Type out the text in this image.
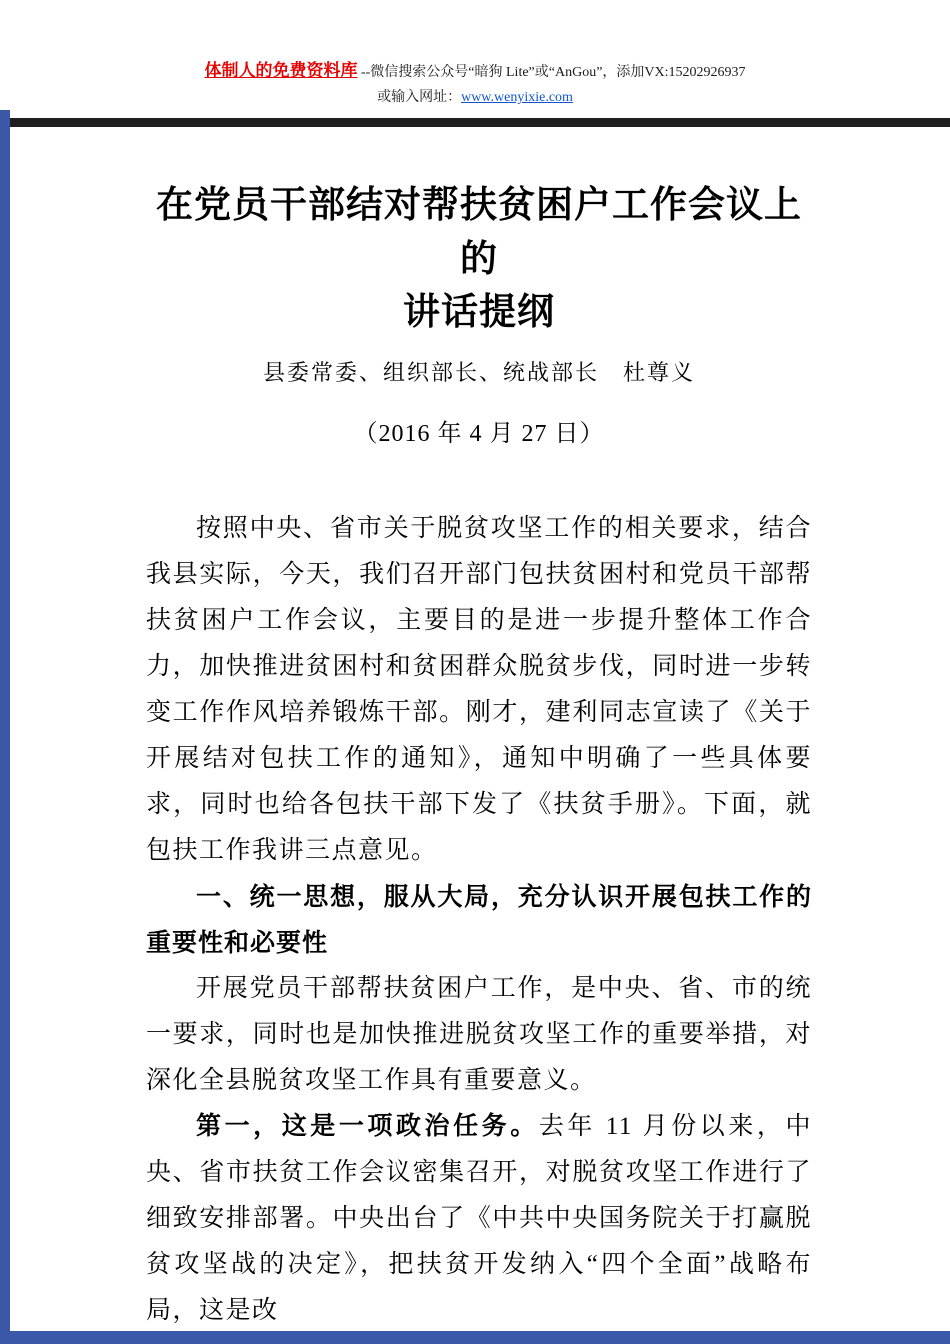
体制人的免费资料库 --微信搜索公众号“暗狗 Lite”或“AnGou”，添加VX:15202926937
或输入网址：www.wenyixie.com
在党员干部结对帮扶贫困户工作会议上的
讲话提纲
县委常委、组织部长、统战部长　杜尊义
（2016 年 4 月 27 日）

按照中央、省市关于脱贫攻坚工作的相关要求，结合我县实际，今天，我们召开部门包扶贫困村和党员干部帮扶贫困户工作会议，主要目的是进一步提升整体工作合力，加快推进贫困村和贫困群众脱贫步伐，同时进一步转变工作作风培养锻炼干部。刚才，建利同志宣读了《关于开展结对包扶工作的通知》，通知中明确了一些具体要求，同时也给各包扶干部下发了《扶贫手册》。下面，就包扶工作我讲三点意见。

一、统一思想，服从大局，充分认识开展包扶工作的重要性和必要性

开展党员干部帮扶贫困户工作，是中央、省、市的统一要求，同时也是加快推进脱贫攻坚工作的重要举措，对深化全县脱贫攻坚工作具有重要意义。

第一，这是一项政治任务。去年 11 月份以来，中央、省市扶贫工作会议密集召开，对脱贫攻坚工作进行了细致安排部署。中央出台了《中共中央国务院关于打赢脱贫攻坚战的决定》，把扶贫开发纳入“四个全面”战略布局，这是改
